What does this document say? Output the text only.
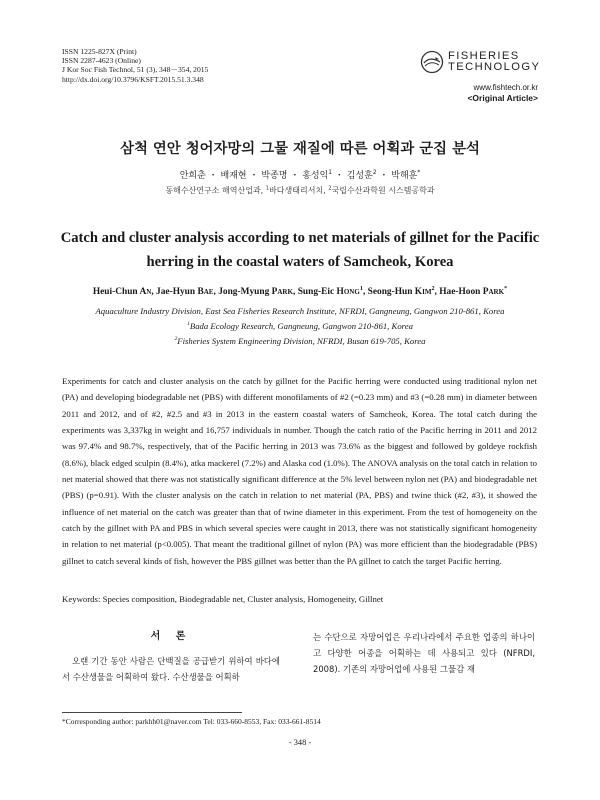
ISSN 1225-827X (Print)
ISSN 2287-4623 (Online)
J Kor Soc Fish Technol, 51 (3), 348－354, 2015
http://dx.doi.org/10.3796/KSFT.2015.51.3.348
FISHERIES
TECHNOLOGY
www.fishtech.or.kr
<Original Article>
삼척 연안 청어자망의 그물 재질에 따른 어획과 군집 분석
안희춘 ・ 배재현 ・ 박종명 ・ 홍성익$^1$ ・ 김성훈$^2$ ・ 박해훈*
동해수산연구소 해역산업과, $^1$바다생태리서치, $^2$국립수산과학원 시스템공학과
Catch and cluster analysis according to net materials of gillnet for the Pacific
herring in the coastal waters of Samcheok, Korea
Heui-Chun AN, Jae-Hyun BAE, Jong-Myung PARK, Sung-Eic HONG$^1$, Seong-Hun KIM$^2$, Hae-Hoon PARK*
Aquaculture Industry Division, East Sea Fisheries Research Institute, NFRDI, Gangneung, Gangwon 210-861, Korea
$^1$Bada Ecology Research, Gangneung, Gangwon 210-861, Korea
$^2$Fisheries System Engineering Division, NFRDI, Busan 619-705, Korea
Experiments for catch and cluster analysis on the catch by gillnet for the Pacific herring were conducted using traditional nylon net (PA) and developing biodegradable net (PBS) with different monofilaments of #2 (=0.23 mm) and #3 (=0.28 mm) in diameter between 2011 and 2012, and of #2, #2.5 and #3 in 2013 in the eastern coastal waters of Samcheok, Korea. The total catch during the experiments was 3,337kg in weight and 16,757 individuals in number. Though the catch ratio of the Pacific herring in 2011 and 2012 was 97.4% and 98.7%, respectively, that of the Pacific herring in 2013 was 73.6% as the biggest and followed by goldeye rockfish (8.6%), black edged sculpin (8.4%), atka mackerel (7.2%) and Alaska cod (1.0%). The ANOVA analysis on the total catch in relation to net material showed that there was not statistically significant difference at the 5% level between nylon net (PA) and biodegradable net (PBS) (p=0.91). With the cluster analysis on the catch in relation to net material (PA, PBS) and twine thick (#2, #3), it showed the influence of net material on the catch was greater than that of twine diameter in this experiment. From the test of homogeneity on the catch by the gillnet with PA and PBS in which several species were caught in 2013, there was not statistically significant homogeneity in relation to net material (p<0.005). That meant the traditional gillnet of nylon (PA) was more efficient than the biodegradable (PBS) gillnet to catch several kinds of fish, however the PBS gillnet was better than the PA gillnet to catch the target Pacific herring.
Keywords: Species composition, Biodegradable net, Cluster analysis, Homogeneity, Gillnet
서 론
오랜 기간 동안 사람은 단백질을 공급받기 위하여 바다에서 수산생물을 어획하여 왔다. 수산생물을 어획하
는 수단으로 자망어업은 우리나라에서 주요한 업종의 하나이고 다양한 어종을 어획하는 데 사용되고 있다 (NFRDI, 2008). 기존의 자망어업에 사용된 그물감 재
*Corresponding author: parkhh01@naver.com Tel: 033-660-8553, Fax: 033-661-8514
- 348 -
